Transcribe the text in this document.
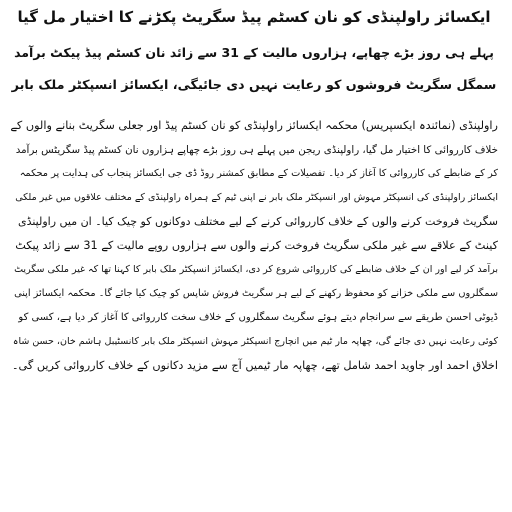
ایکسائز راولپنڈی کو نان کسٹم پیڈ سگریٹ پکڑنے کا اختیار مل گیا
پہلے ہی روز بڑے چھاپے، ہزاروں مالیت کے 31 سے زائد نان کسٹم پیڈ پیکٹ برآمد
سمگل سگریٹ فروشوں کو رعایت نہیں دی جائیگی، ایکسائز انسپکٹر ملک بابر
راولپنڈی (نمائندہ ایکسپریس) محکمہ ایکسائز راولپنڈی کو نان کسٹم پیڈ اور جعلی سگریٹ بنانے والوں کے
خلاف کارروائی کا اختیار مل گیا، راولپنڈی ریجن میں پہلے ہی روز بڑے چھاپے ہزاروں نان کسٹم پیڈ سگریٹس برآمد
کر کے ضابطے کی کارروائی کا آغاز کر دیا۔ تفصیلات کے مطابق کمشنر روڈ ڈی جی ایکسائز پنجاب کی ہدایت پر محکمہ
ایکسائز راولپنڈی کی انسپکٹر مہوش اور انسپکٹر ملک بابر نے اپنی ٹیم کے ہمراہ راولپنڈی کے مختلف علاقوں میں غیر ملکی
سگریٹ فروخت کرنے والوں کے خلاف کارروائی کرنے کے لیے مختلف دوکانوں کو چیک کیا۔ ان میں راولپنڈی
کینٹ کے علاقے سے غیر ملکی سگریٹ فروخت کرنے والوں سے ہزاروں روپے مالیت کے 31 سے زائد پیکٹ
برآمد کر لیے اور ان کے خلاف ضابطے کی کارروائی شروع کر دی، ایکسائز انسپکٹر ملک بابر کا کہنا تھا کہ غیر ملکی سگریٹ
سمگلروں سے ملکی خزانے کو محفوظ رکھنے کے لیے ہر سگریٹ فروش شاپس کو چیک کیا جائے گا۔ محکمہ ایکسائز اپنی
ڈیوٹی احسن طریقے سے سرانجام دیتے ہوئے سگریٹ سمگلروں کے خلاف سخت کارروائی کا آغاز کر دیا ہے، کسی کو
کوئی رعایت نہیں دی جائے گی، چھاپہ مار ٹیم میں انچارج انسپکٹر مہوش انسپکٹر ملک بابر کانسٹیبل ہاشم خان، حسن شاہ
اخلاق احمد اور جاوید احمد شامل تھے، چھاپہ مار ٹیمیں آج سے مزید دکانوں کے خلاف کارروائی کریں گی۔
